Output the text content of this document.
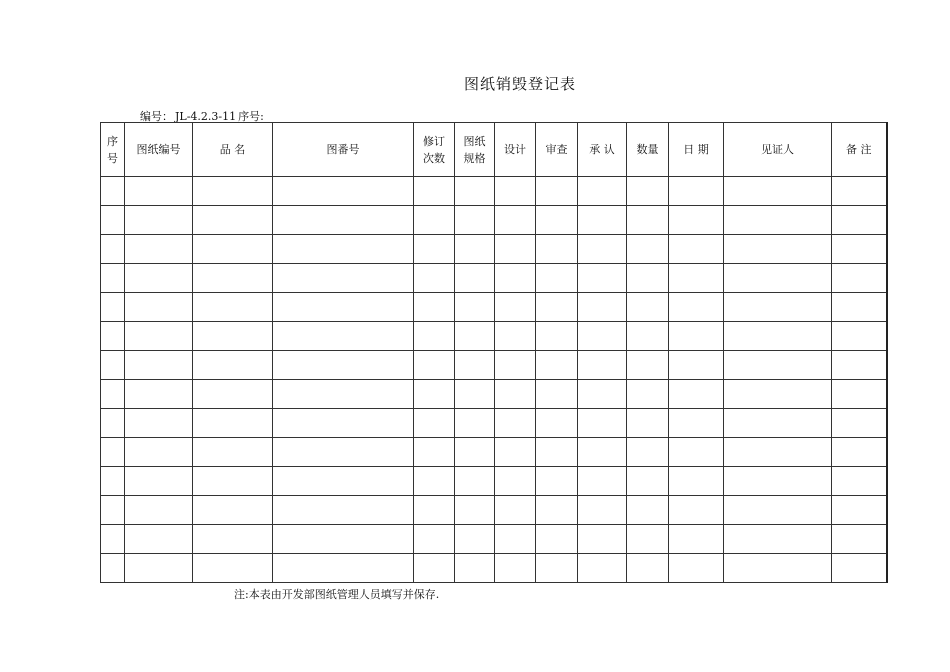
图纸销毁登记表
编号： JL-4.2.3-11 序号:
序号	图纸编号	品 名	图番号	修订次数	图纸规格	设计	审查	承 认	数量	日 期	见证人	备 注

注:本表由开发部图纸管理人员填写并保存.
